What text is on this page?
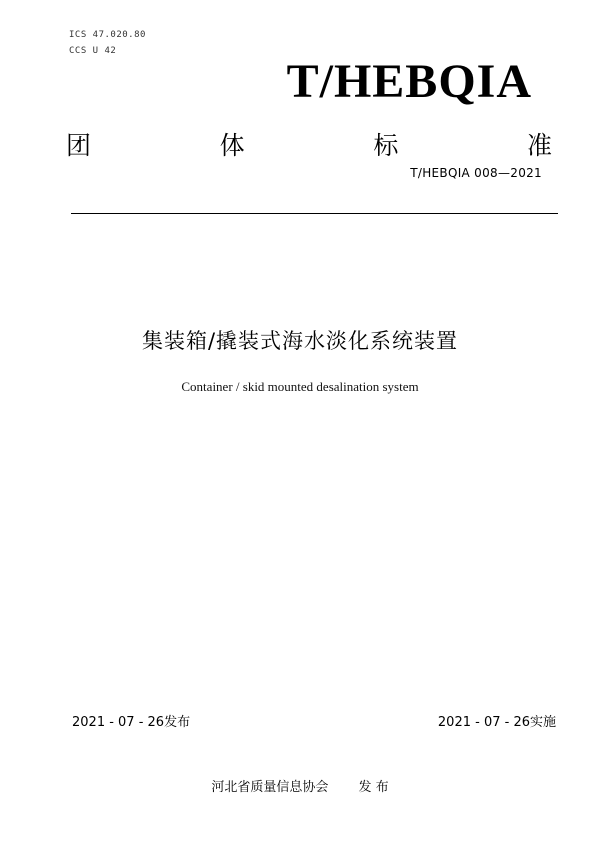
ICS 47.020.80
CCS U 42
T/HEBQIA
团	体	标	准
T/HEBQIA 008—2021
集装箱/撬装式海水淡化系统装置
Container / skid mounted desalination system
2021 - 07 - 26发布	2021 - 07 - 26实施
河北省质量信息协会 发 布
